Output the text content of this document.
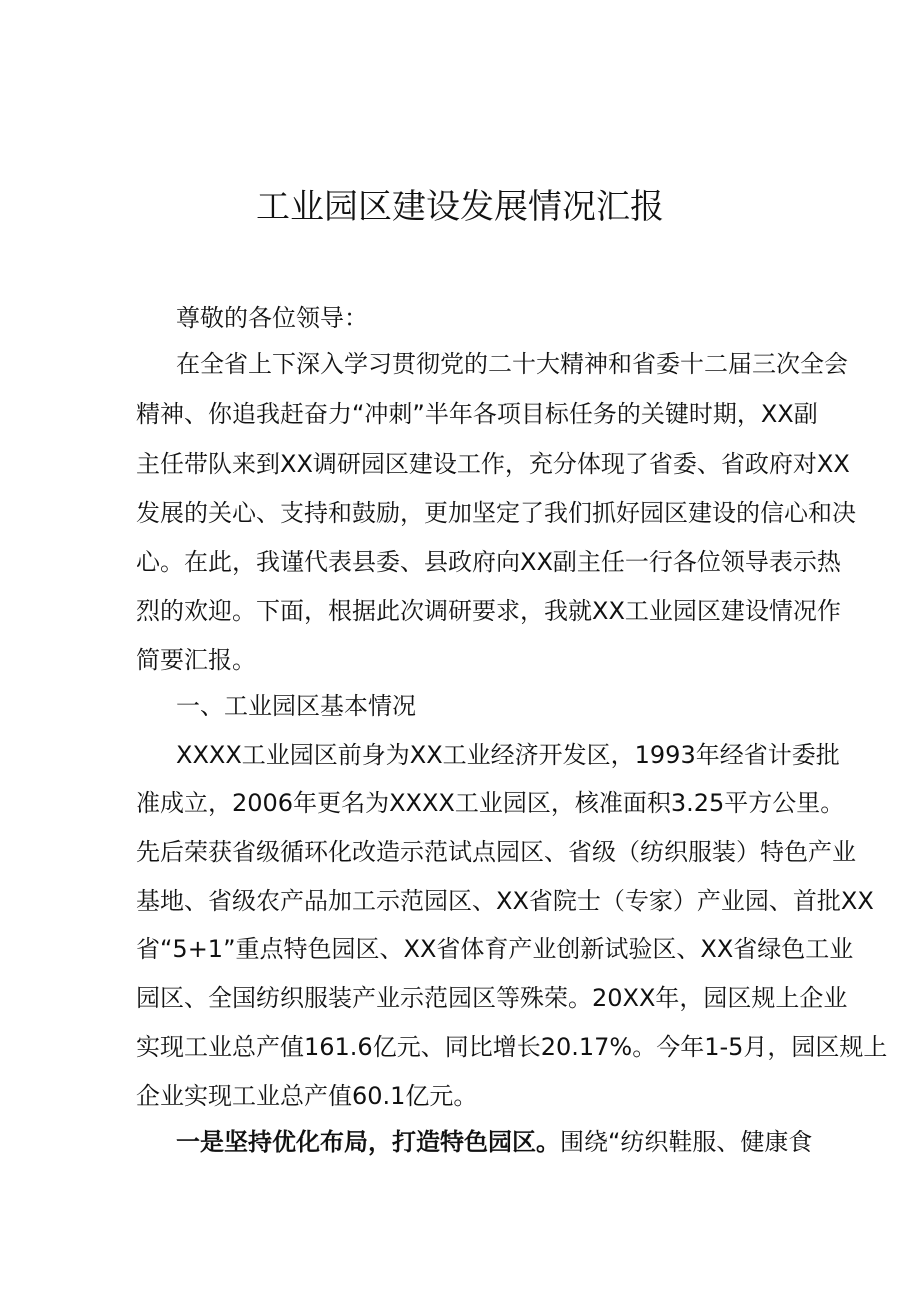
工业园区建设发展情况汇报

尊敬的各位领导：

在全省上下深入学习贯彻党的二十大精神和省委十二届三次全会

精神、你追我赶奋力“冲刺”半年各项目标任务的关键时期，XX副

主任带队来到XX调研园区建设工作，充分体现了省委、省政府对XX

发展的关心、支持和鼓励，更加坚定了我们抓好园区建设的信心和决

心。在此，我谨代表县委、县政府向XX副主任一行各位领导表示热

烈的欢迎。下面，根据此次调研要求，我就XX工业园区建设情况作

简要汇报。

一、工业园区基本情况

XXXX工业园区前身为XX工业经济开发区，1993年经省计委批

准成立，2006年更名为XXXX工业园区，核准面积3.25平方公里。

先后荣获省级循环化改造示范试点园区、省级（纺织服装）特色产业

基地、省级农产品加工示范园区、XX省院士（专家）产业园、首批XX

省“5+1”重点特色园区、XX省体育产业创新试验区、XX省绿色工业

园区、全国纺织服装产业示范园区等殊荣。20XX年，园区规上企业

实现工业总产值161.6亿元、同比增长20.17%。今年1-5月，园区规上

企业实现工业总产值60.1亿元。

一是坚持优化布局，打造特色园区。围绕“纺织鞋服、健康食
